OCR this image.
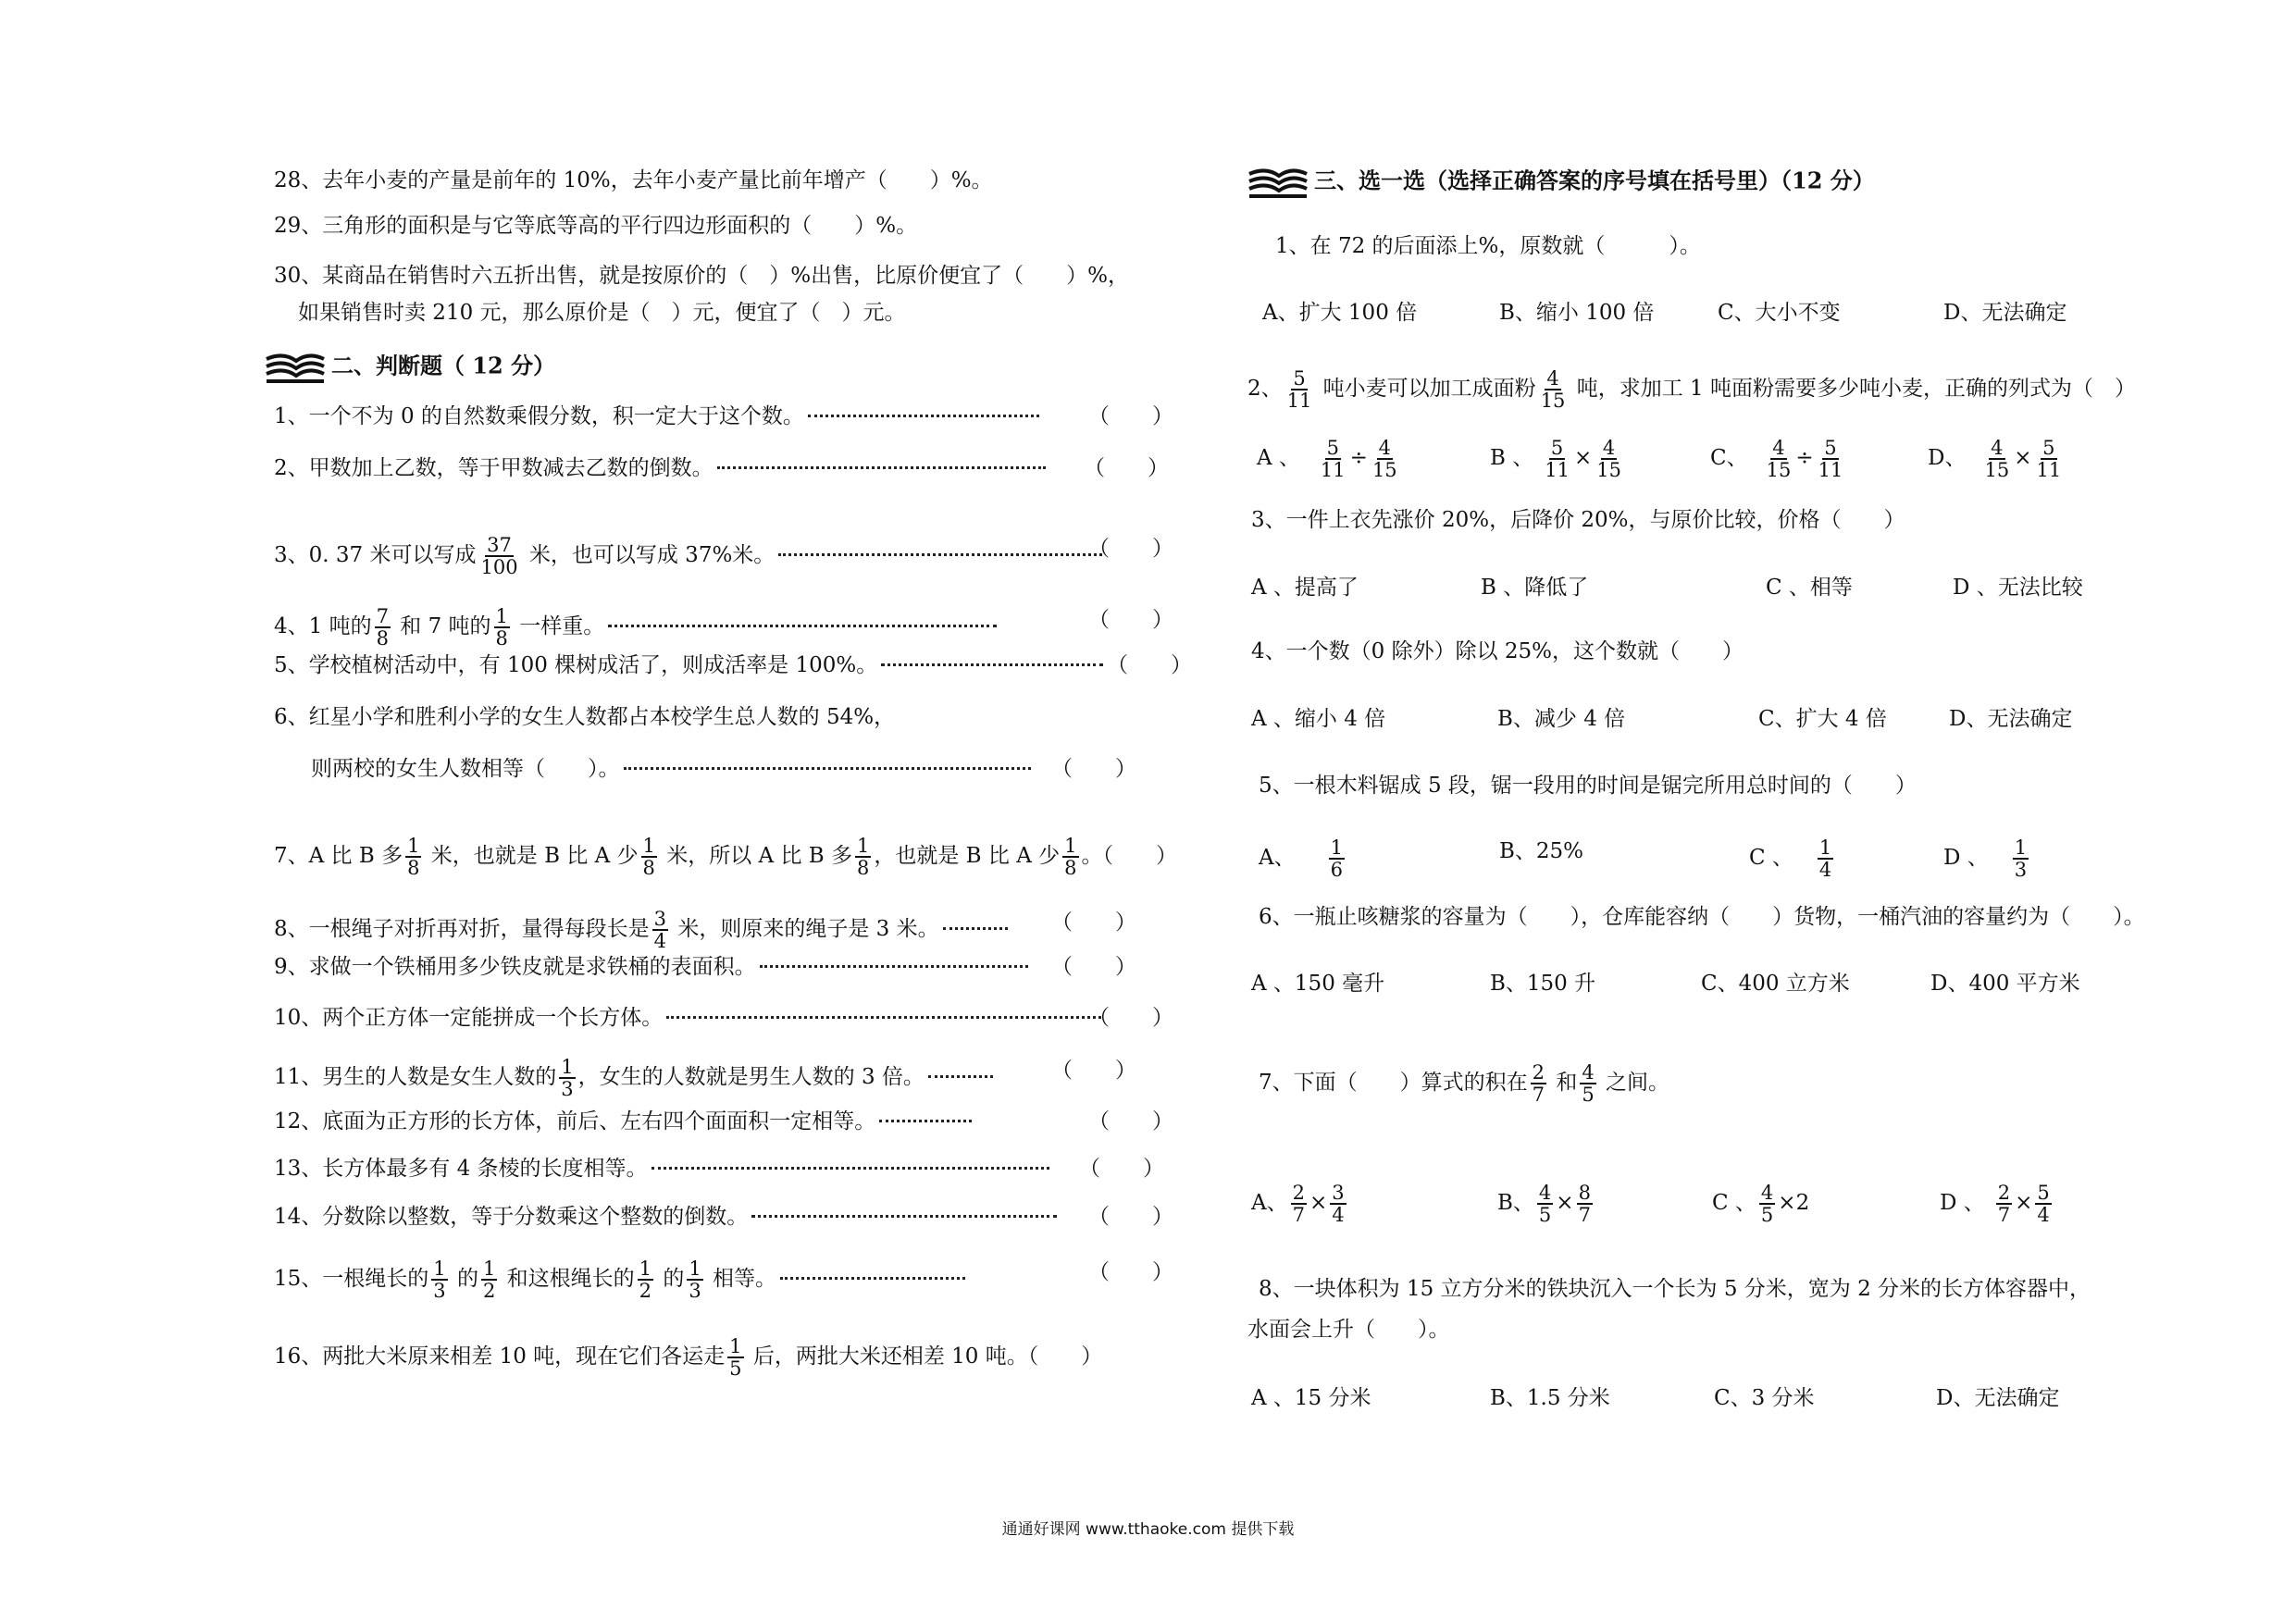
28、去年小麦的产量是前年的 10%，去年小麦产量比前年增产（　　）%。
29、三角形的面积是与它等底等高的平行四边形面积的（　　）%。
30、某商品在销售时六五折出售，就是按原价的（　）%出售，比原价便宜了（　　）%，
如果销售时卖 210 元，那么原价是（　）元，便宜了（　）元。
二、判断题（ 12 分）
1、一个不为 0 的自然数乘假分数，积一定大于这个数。	（　　）
2、甲数加上乙数，等于甲数减去乙数的倒数。	（　　）
3、0. 37 米可以写成 $\frac{37}{100}$ 米，也可以写成 37%米。	（　　）
4、1 吨的 $\frac{7}{8}$ 和 7 吨的 $\frac{1}{8}$ 一样重。	（　　）
5、学校植树活动中，有 100 棵树成活了，则成活率是 100%。	（　　）
6、红星小学和胜利小学的女生人数都占本校学生总人数的 54%，
则两校的女生人数相等（　　）。	（　　）
7、A 比 B 多 $\frac{1}{8}$ 米，也就是 B 比 A 少 $\frac{1}{8}$ 米，所以 A 比 B 多 $\frac{1}{8}$ ，也就是 B 比 A 少 $\frac{1}{8}$ 。（　　）
8、一根绳子对折再对折，量得每段长是 $\frac{3}{4}$ 米，则原来的绳子是 3 米。	（　　）
9、求做一个铁桶用多少铁皮就是求铁桶的表面积。	（　　）
10、两个正方体一定能拼成一个长方体。	（　　）
11、男生的人数是女生人数的 $\frac{1}{3}$ ，女生的人数就是男生人数的 3 倍。	（　　）
12、底面为正方形的长方体，前后、左右四个面面积一定相等。	（　　）
13、长方体最多有 4 条棱的长度相等。	（　　）
14、分数除以整数，等于分数乘这个整数的倒数。	（　　）
15、一根绳长的 $\frac{1}{3}$ 的 $\frac{1}{2}$ 和这根绳长的 $\frac{1}{2}$ 的 $\frac{1}{3}$ 相等。	（　　）
16、两批大米原来相差 10 吨，现在它们各运走 $\frac{1}{5}$ 后，两批大米还相差 10 吨。（　　）
三、选一选（选择正确答案的序号填在括号里）（12 分）
1、在 72 的后面添上%，原数就（　　　）。
A、扩大 100 倍	B、缩小 100 倍	C、大小不变	D、无法确定
2、 $\frac{5}{11}$ 吨小麦可以加工成面粉 $\frac{4}{15}$ 吨，求加工 1 吨面粉需要多少吨小麦，正确的列式为（　）
A 、 $\frac{5}{11} \div \frac{4}{15}$	B 、 $\frac{5}{11} \times \frac{4}{15}$	C、 $\frac{4}{15} \div \frac{5}{11}$	D、 $\frac{4}{15} \times \frac{5}{11}$
3、一件上衣先涨价 20%，后降价 20%，与原价比较，价格（　　）
A 、提高了	B 、降低了	C 、相等	D 、无法比较
4、一个数（0 除外）除以 25%，这个数就（　　）
A 、缩小 4 倍	B、减少 4 倍	C、扩大 4 倍	D、无法确定
5、一根木料锯成 5 段，锯一段用的时间是锯完所用总时间的（　　）
A、 $\frac{1}{6}$	B、25%	C 、 $\frac{1}{4}$	D 、 $\frac{1}{3}$
6、一瓶止咳糖浆的容量为（　　），仓库能容纳（　　）货物，一桶汽油的容量约为（　　）。
A 、150 毫升	B、150 升	C、400 立方米	D、400 平方米
7、下面（　　）算式的积在 $\frac{2}{7}$ 和 $\frac{4}{5}$ 之间。
A、 $\frac{2}{7} \times \frac{3}{4}$	B、 $\frac{4}{5} \times \frac{8}{7}$	C 、 $\frac{4}{5} \times 2$	D 、 $\frac{2}{7} \times \frac{5}{4}$
8、一块体积为 15 立方分米的铁块沉入一个长为 5 分米，宽为 2 分米的长方体容器中，
水面会上升（　　）。
A 、15 分米	B、1.5 分米	C、3 分米	D、无法确定
通通好课网 www.tthaoke.com 提供下载
